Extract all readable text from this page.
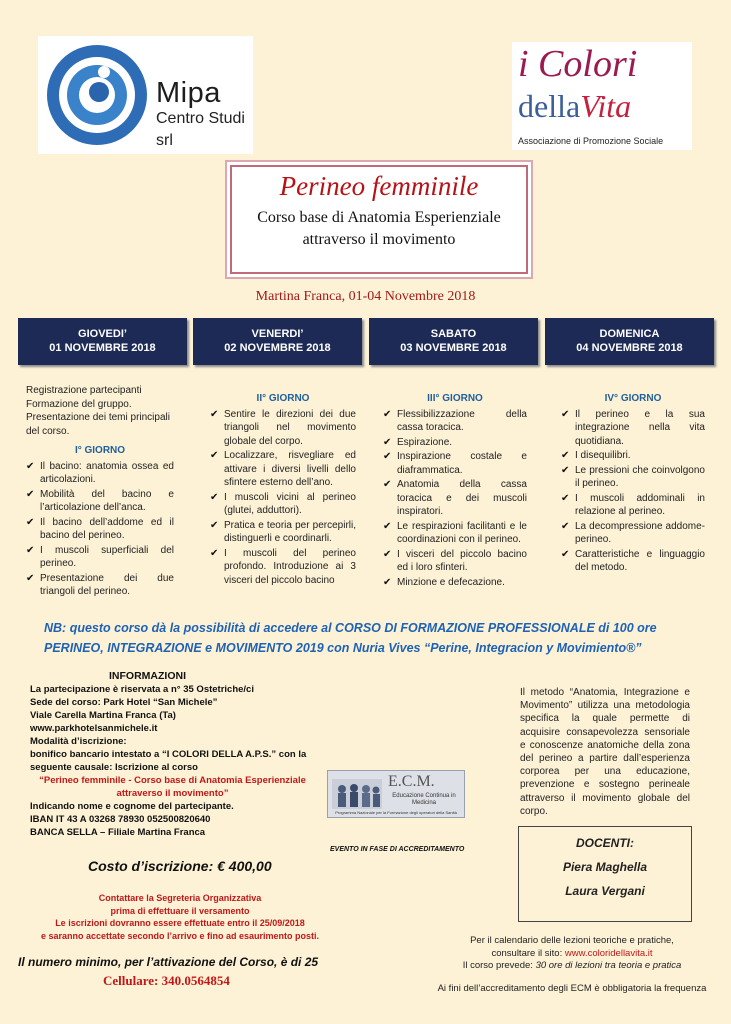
Mipa
Centro Studi srl
i Colori
dellaVita
Associazione di Promozione Sociale
Perineo femminile
Corso base di Anatomia Esperienziale
attraverso il movimento
Martina Franca, 01-04 Novembre 2018
GIOVEDI’
01 NOVEMBRE 2018
VENERDI’
02 NOVEMBRE 2018
SABATO
03 NOVEMBRE 2018
DOMENICA
04 NOVEMBRE 2018
Registrazione partecipanti
Formazione del gruppo.
Presentazione dei temi principali del corso.
I° GIORNO
✔ Il bacino: anatomia ossea ed articolazioni.
✔ Mobilità del bacino e l’articolazione dell’anca.
✔ Il bacino dell’addome ed il bacino del perineo.
✔ I muscoli superficiali del perineo.
✔ Presentazione dei due triangoli del perineo.
II° GIORNO
✔ Sentire le direzioni dei due triangoli nel movimento globale del corpo.
✔ Localizzare, risvegliare ed attivare i diversi livelli dello sfintere esterno dell’ano.
✔ I muscoli vicini al perineo (glutei, adduttori).
✔ Pratica e teoria per percepirli, distinguerli e coordinarli.
✔ I muscoli del perineo profondo. Introduzione ai 3 visceri del piccolo bacino
III° GIORNO
✔ Flessibilizzazione della cassa toracica.
✔ Espirazione.
✔ Inspirazione costale e diaframmatica.
✔ Anatomia della cassa toracica e dei muscoli inspiratori.
✔ Le respirazioni facilitanti e le coordinazioni con il perineo.
✔ I visceri del piccolo bacino ed i loro sfinteri.
✔ Minzione e defecazione.
IV° GIORNO
✔ Il perineo e la sua integrazione nella vita quotidiana.
✔ I disequilibri.
✔ Le pressioni che coinvolgono il perineo.
✔ I muscoli addominali in relazione al perineo.
✔ La decompressione addome-perineo.
✔ Caratteristiche e linguaggio del metodo.
NB: questo corso dà la possibilità di accedere al CORSO DI FORMAZIONE PROFESSIONALE di 100 ore
PERINEO, INTEGRAZIONE e MOVIMENTO 2019 con Nuria Vives “Perine, Integracion y Movimiento®”
INFORMAZIONI
La partecipazione è riservata a n° 35 Ostetriche/ci
Sede del corso: Park Hotel “San Michele”
Viale Carella Martina Franca (Ta)
www.parkhotelsanmichele.it
Modalità d’iscrizione:
bonifico bancario intestato a “I COLORI DELLA A.P.S.” con la seguente causale: Iscrizione al corso
“Perineo femminile - Corso base di Anatomia Esperienziale
attraverso il movimento”
Indicando nome e cognome del partecipante.
IBAN IT 43 A 03268 78930 052500820640
BANCA SELLA – Filiale Martina Franca
Il metodo “Anatomia, Integrazione e Movimento” utilizza una metodologia specifica la quale permette di acquisire consapevolezza sensoriale e conoscenze anatomiche della zona del perineo a partire dall’esperienza corporea per una educazione, prevenzione e sostegno perineale attraverso il movimento globale del corpo.
E.C.M.
Educazione Continua in Medicina
Programma Nazionale per la Formazione degli operatori della Sanità
EVENTO IN FASE DI ACCREDITAMENTO
Costo d’iscrizione: € 400,00
Contattare la Segreteria Organizzativa
prima di effettuare il versamento
Le iscrizioni dovranno essere effettuate entro il 25/09/2018
e saranno accettate secondo l’arrivo e fino ad esaurimento posti.
Il numero minimo, per l’attivazione del Corso, è di 25
Cellulare: 340.0564854
DOCENTI:
Piera Maghella
Laura Vergani
Per il calendario delle lezioni teoriche e pratiche,
consultare il sito: www.coloridellavita.it
Il corso prevede: 30 ore di lezioni tra teoria e pratica
Ai fini dell’accreditamento degli ECM è obbligatoria la frequenza
